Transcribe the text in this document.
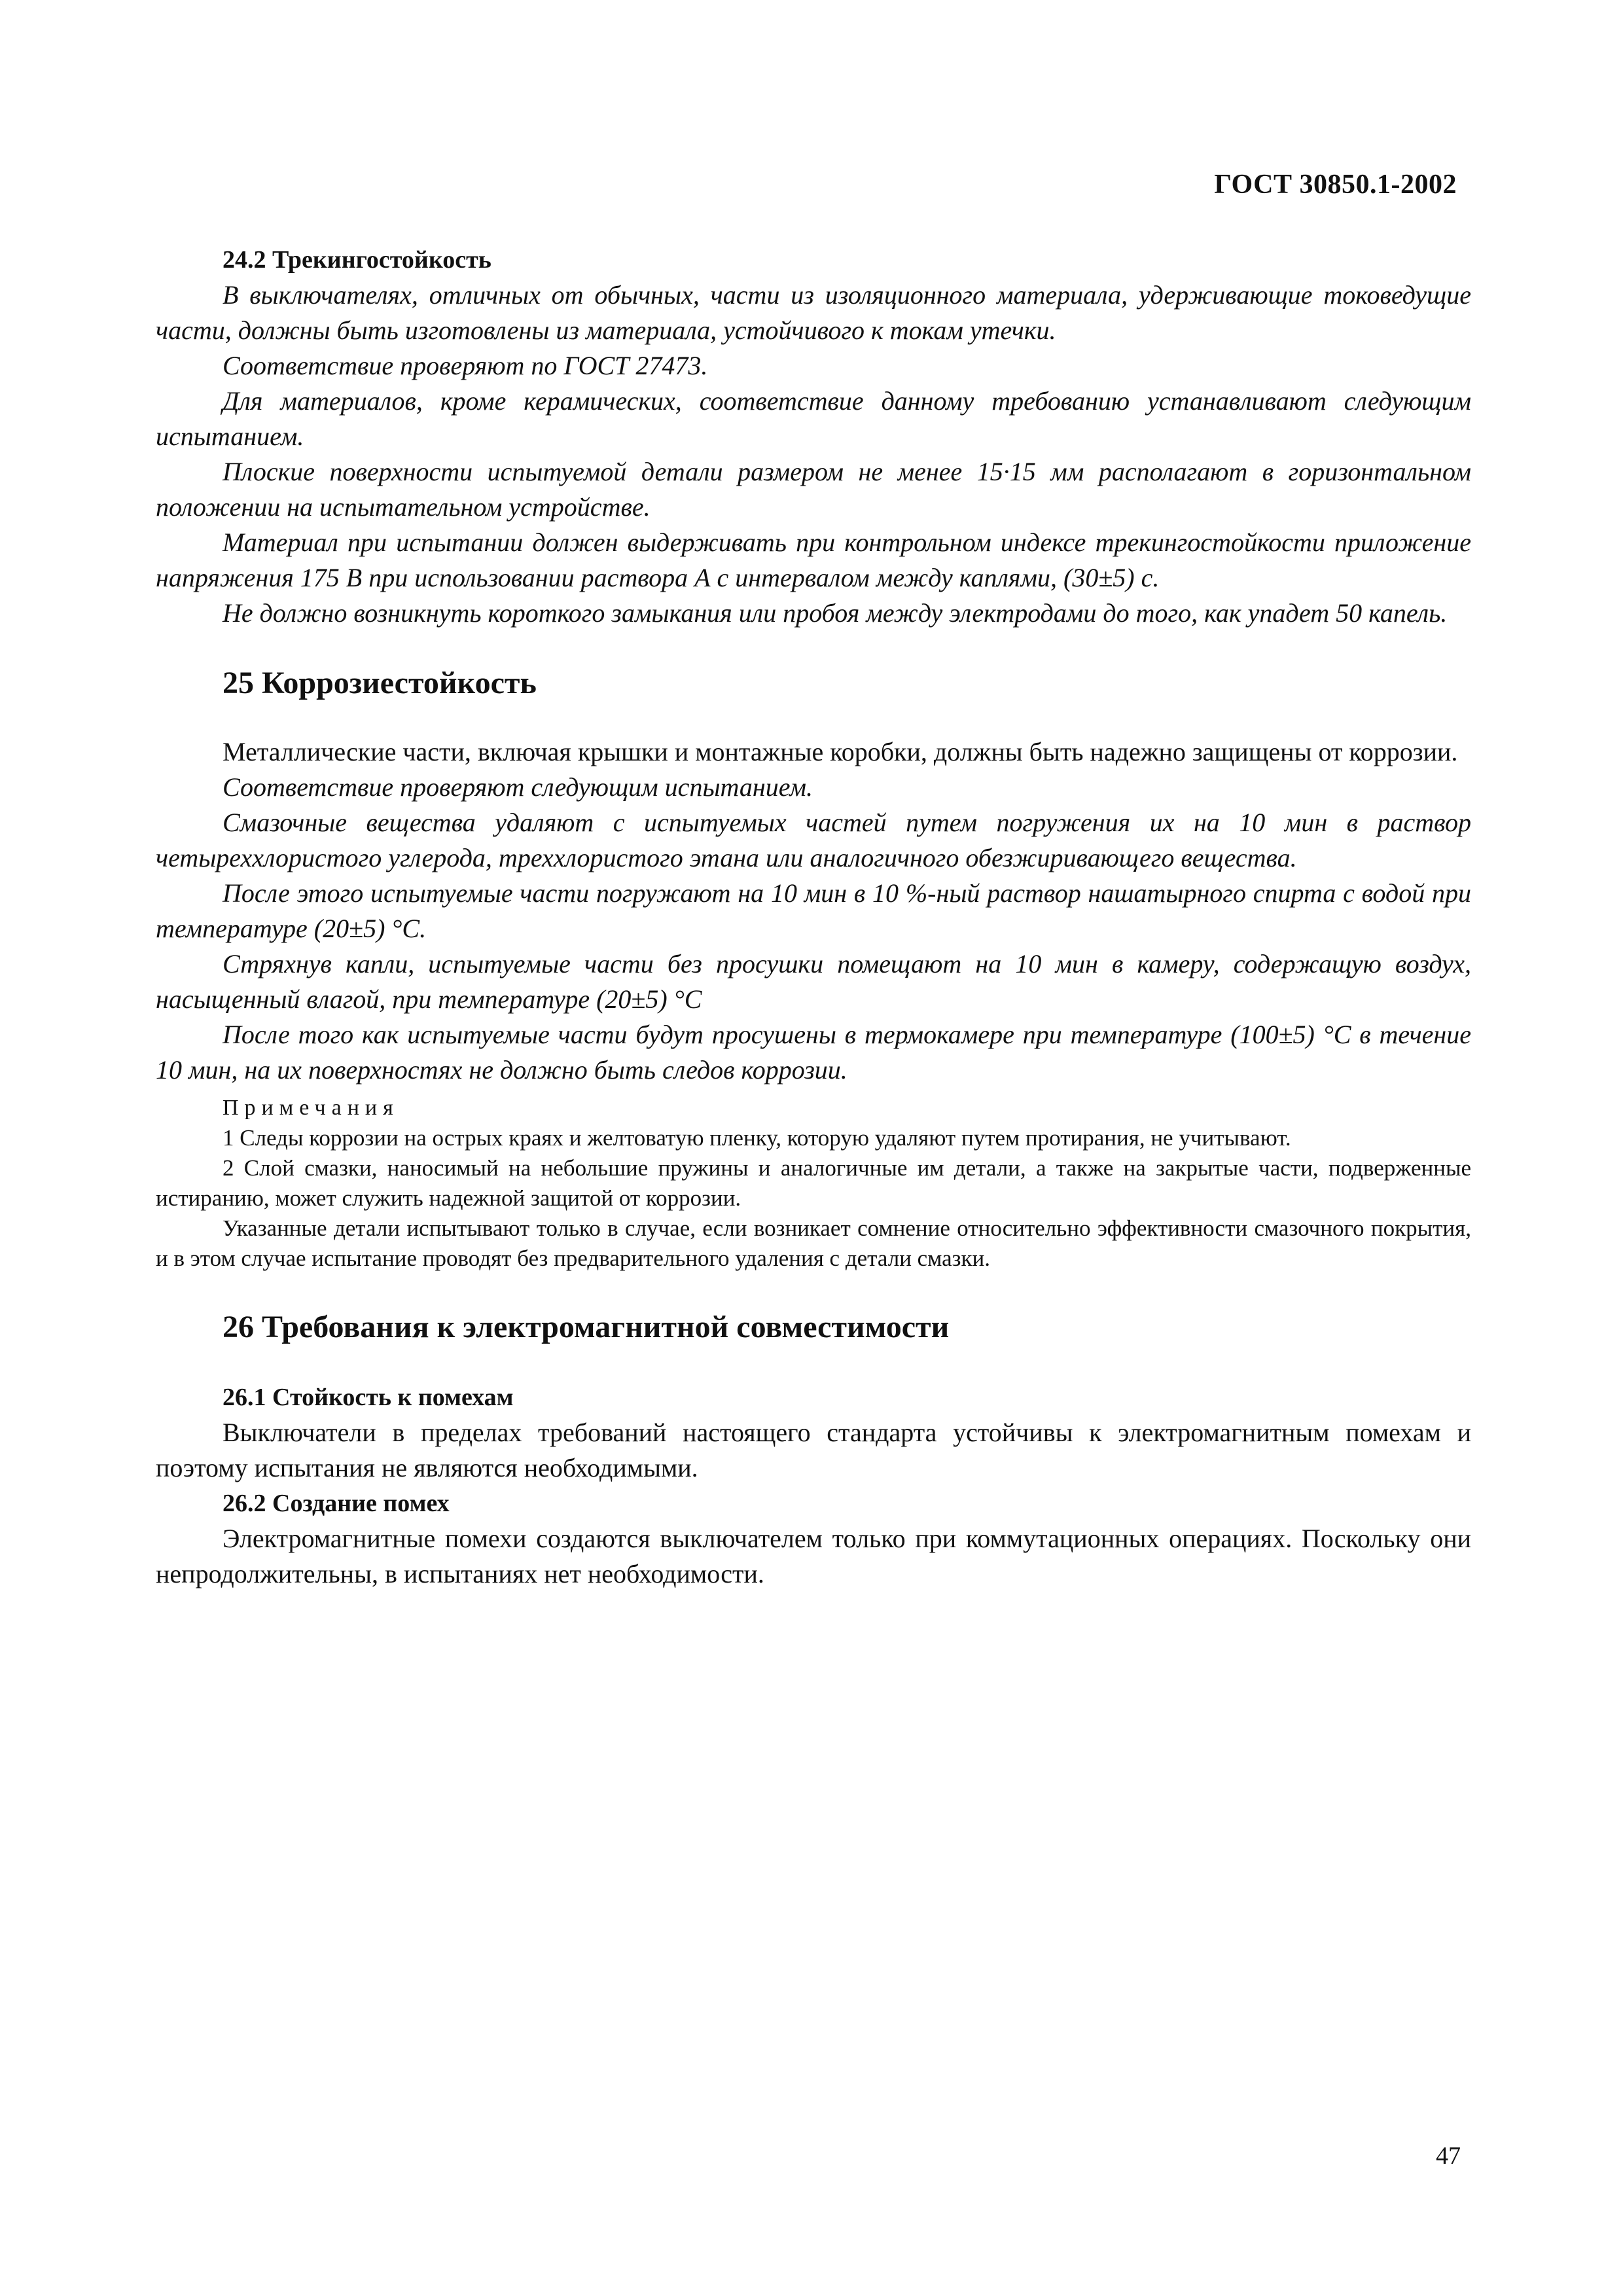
ГОСТ 30850.1-2002

24.2 Трекингостойкость

В выключателях, отличных от обычных, части из изоляционного материала, удерживающие токоведущие части, должны быть изготовлены из материала, устойчивого к токам утечки.

Соответствие проверяют по ГОСТ 27473.

Для материалов, кроме керамических, соответствие данному требованию устанавливают следующим испытанием.

Плоские поверхности испытуемой детали размером не менее 15·15 мм располагают в горизонтальном положении на испытательном устройстве.

Материал при испытании должен выдерживать при контрольном индексе трекингостойкости приложение напряжения 175 В при использовании раствора А с интервалом между каплями, (30±5) с.

Не должно возникнуть короткого замыкания или пробоя между электродами до того, как упадет 50 капель.

25 Коррозиестойкость

Металлические части, включая крышки и монтажные коробки, должны быть надежно защищены от коррозии.

Соответствие проверяют следующим испытанием.

Смазочные вещества удаляют с испытуемых частей путем погружения их на 10 мин в раствор четыреххлористого углерода, треххлористого этана или аналогичного обезжиривающего вещества.

После этого испытуемые части погружают на 10 мин в 10 %-ный раствор нашатырного спирта с водой при температуре (20±5) °С.

Стряхнув капли, испытуемые части без просушки помещают на 10 мин в камеру, содержащую воздух, насыщенный влагой, при температуре (20±5) °С

После того как испытуемые части будут просушены в термокамере при температуре (100±5) °С в течение 10 мин, на их поверхностях не должно быть следов коррозии.

Примечания

1 Следы коррозии на острых краях и желтоватую пленку, которую удаляют путем протирания, не учитывают.

2 Слой смазки, наносимый на небольшие пружины и аналогичные им детали, а также на закрытые части, подверженные истиранию, может служить надежной защитой от коррозии.

Указанные детали испытывают только в случае, если возникает сомнение относительно эффективности смазочного покрытия, и в этом случае испытание проводят без предварительного удаления с детали смазки.

26 Требования к электромагнитной совместимости

26.1 Стойкость к помехам

Выключатели в пределах требований настоящего стандарта устойчивы к электромагнитным помехам и поэтому испытания не являются необходимыми.

26.2 Создание помех

Электромагнитные помехи создаются выключателем только при коммутационных операциях. Поскольку они непродолжительны, в испытаниях нет необходимости.

47
